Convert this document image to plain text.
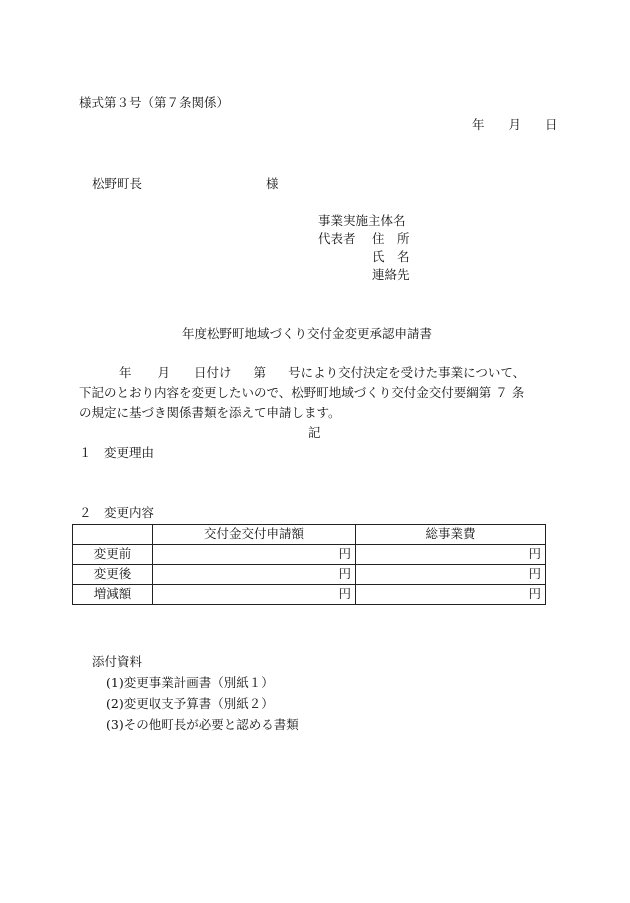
様式第３号（第７条関係）
年 月 日
松野町長	様
事業実施主体名
代表者 住　所
氏　名
連絡先
年度松野町地域づくり交付金変更承認申請書
年 月 日付け 第 号により交付決定を受けた事業について、
下記のとおり内容を変更したいので、松野町地域づくり交付金交付要綱第 ７ 条
の規定に基づき関係書類を添えて申請します。
記
１　変更理由
２　変更内容
	交付金交付申請額	総事業費
変更前	円	円
変更後	円	円
増減額	円	円
添付資料
(1)変更事業計画書（別紙１）
(2)変更収支予算書（別紙２）
(3)その他町長が必要と認める書類
